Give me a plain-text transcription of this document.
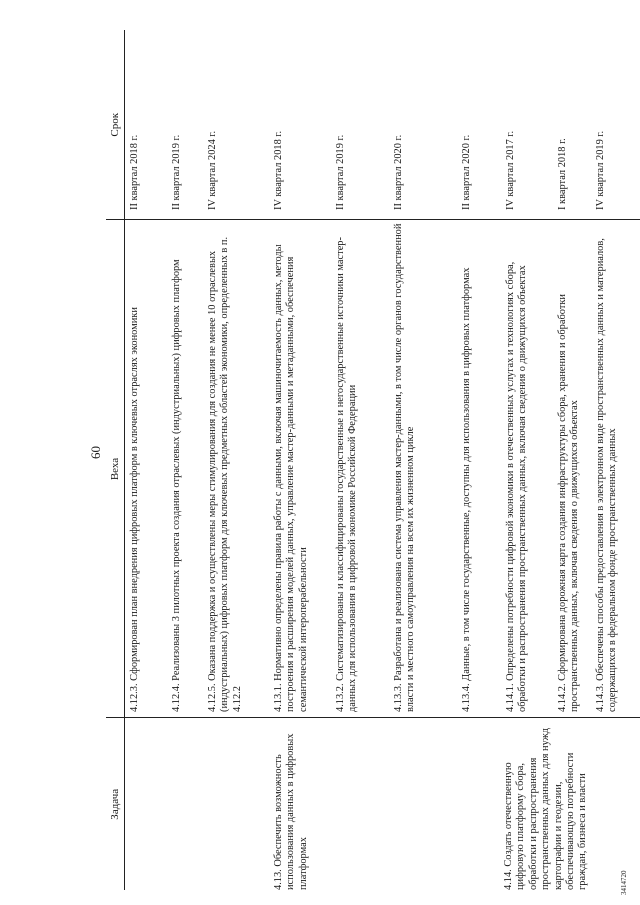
60
Задача	Веха	Срок

	4.12.3. Сформирован план внедрения цифровых платформ в ключевых отраслях экономики	II квартал 2018 г.

	4.12.4. Реализованы 3 пилотных проекта создания отраслевых (индустриальных) цифровых платформ	II квартал 2019 г.

	4.12.5. Оказана поддержка и осуществлены меры стимулирования для создания не менее 10 отраслевых (индустриальных) цифровых платформ для ключевых предметных областей экономики, определенных в п. 4.12.2	IV квартал 2024 г.

4.13. Обеспечить возможность использования данных в цифровых платформах	4.13.1. Нормативно определены правила работы с данными, включая машиночитаемость данных, методы построения и расширения моделей данных, управление мастер-данными и метаданными, обеспечения семантической интероперабельности	IV квартал 2018 г.

	4.13.2. Систематизированы и классифицированы государственные и негосударственные источники мастер-данных для использования в цифровой экономике Российской Федерации	II квартал 2019 г.

	4.13.3. Разработана и реализована система управления мастер-данными, в том числе органов государственной власти и местного самоуправления на всем их жизненном цикле	II квартал 2020 г.

	4.13.4. Данные, в том числе государственные, доступны для использования в цифровых платформах	II квартал 2020 г.

4.14. Создать отечественную цифровую платформу сбора, обработки и распространения пространственных данных для нужд картографии и геодезии, обеспечивающую потребности граждан, бизнеса и власти	4.14.1. Определены потребности цифровой экономики в отечественных услугах и технологиях сбора, обработки и распространения пространственных данных, включая сведения о движущихся объектах	IV квартал 2017 г.

	4.14.2. Сформирована дорожная карта создания инфраструктуры сбора, хранения и обработки пространственных данных, включая сведения о движущихся объектах	I квартал 2018 г.

	4.14.3. Обеспечены способы предоставления в электронном виде пространственных данных и материалов, содержащихся в федеральном фонде пространственных данных	IV квартал 2019 г.
3414720
